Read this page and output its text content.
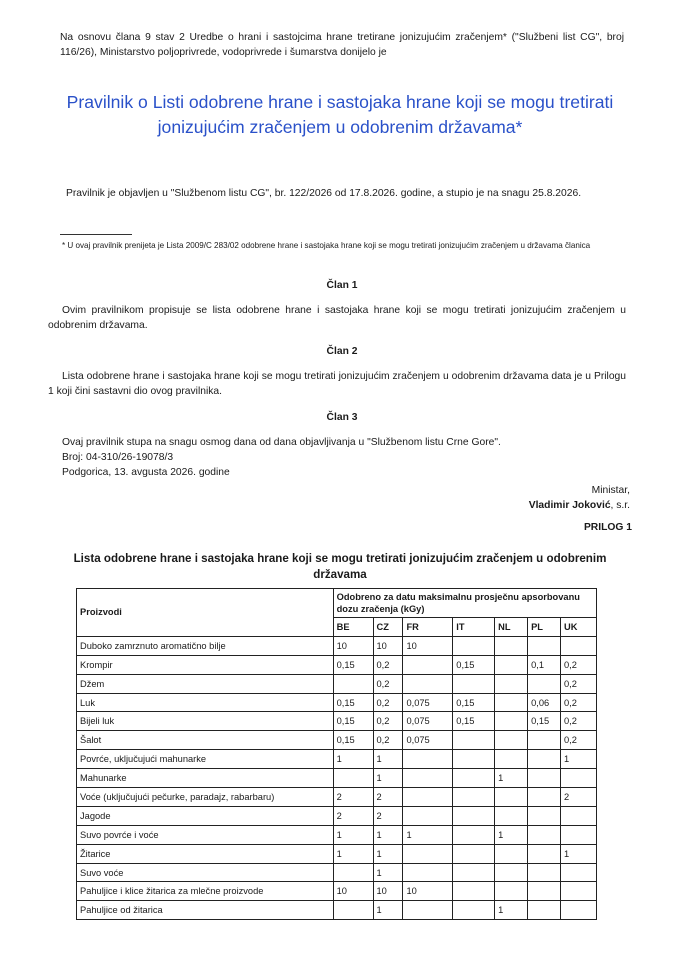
Na osnovu člana 9 stav 2 Uredbe o hrani i sastojcima hrane tretirane jonizujućim zračenjem* ("Službeni list CG", broj 116/26), Ministarstvo poljoprivrede, vodoprivrede i šumarstva donijelo je
Pravilnik o Listi odobrene hrane i sastojaka hrane koji se mogu tretirati jonizujućim zračenjem u odobrenim državama*
Pravilnik je objavljen u "Službenom listu CG", br. 122/2026 od 17.8.2026. godine, a stupio je na snagu 25.8.2026.
* U ovaj pravilnik prenijeta je Lista 2009/C 283/02 odobrene hrane i sastojaka hrane koji se mogu tretirati jonizujućim zračenjem u državama članica
Član 1
Ovim pravilnikom propisuje se lista odobrene hrane i sastojaka hrane koji se mogu tretirati jonizujućim zračenjem u odobrenim državama.
Član 2
Lista odobrene hrane i sastojaka hrane koji se mogu tretirati jonizujućim zračenjem u odobrenim državama data je u Prilogu 1 koji čini sastavni dio ovog pravilnika.
Član 3
Ovaj pravilnik stupa na snagu osmog dana od dana objavljivanja u "Službenom listu Crne Gore".
Broj: 04-310/26-19078/3
Podgorica, 13. avgusta 2026. godine
Ministar,
Vladimir Joković, s.r.
PRILOG 1
Lista odobrene hrane i sastojaka hrane koji se mogu tretirati jonizujućim zračenjem u odobrenim državama
Proizvodi	Odobreno za datu maksimalnu prosječnu apsorbovanu dozu zračenja (kGy)						
	BE	CZ	FR	IT	NL	PL	UK
Duboko zamrznuto aromatično bilje	10	10	10				
Krompir	0,15	0,2		0,15		0,1	0,2
Džem		0,2					0,2
Luk	0,15	0,2	0,075	0,15		0,06	0,2
Bijeli luk	0,15	0,2	0,075	0,15		0,15	0,2
Šalot	0,15	0,2	0,075				0,2
Povrće, uključujući mahunarke	1	1					1
Mahunarke		1			1		
Voće (uključujući pečurke, paradajz, rabarbaru)	2	2					2
Jagode	2	2					
Suvo povrće i voće	1	1	1		1		
Žitarice	1	1					1
Suvo voće		1					
Pahuljice i klice žitarica za mlečne proizvode	10	10	10				
Pahuljice od žitarica		1			1		
